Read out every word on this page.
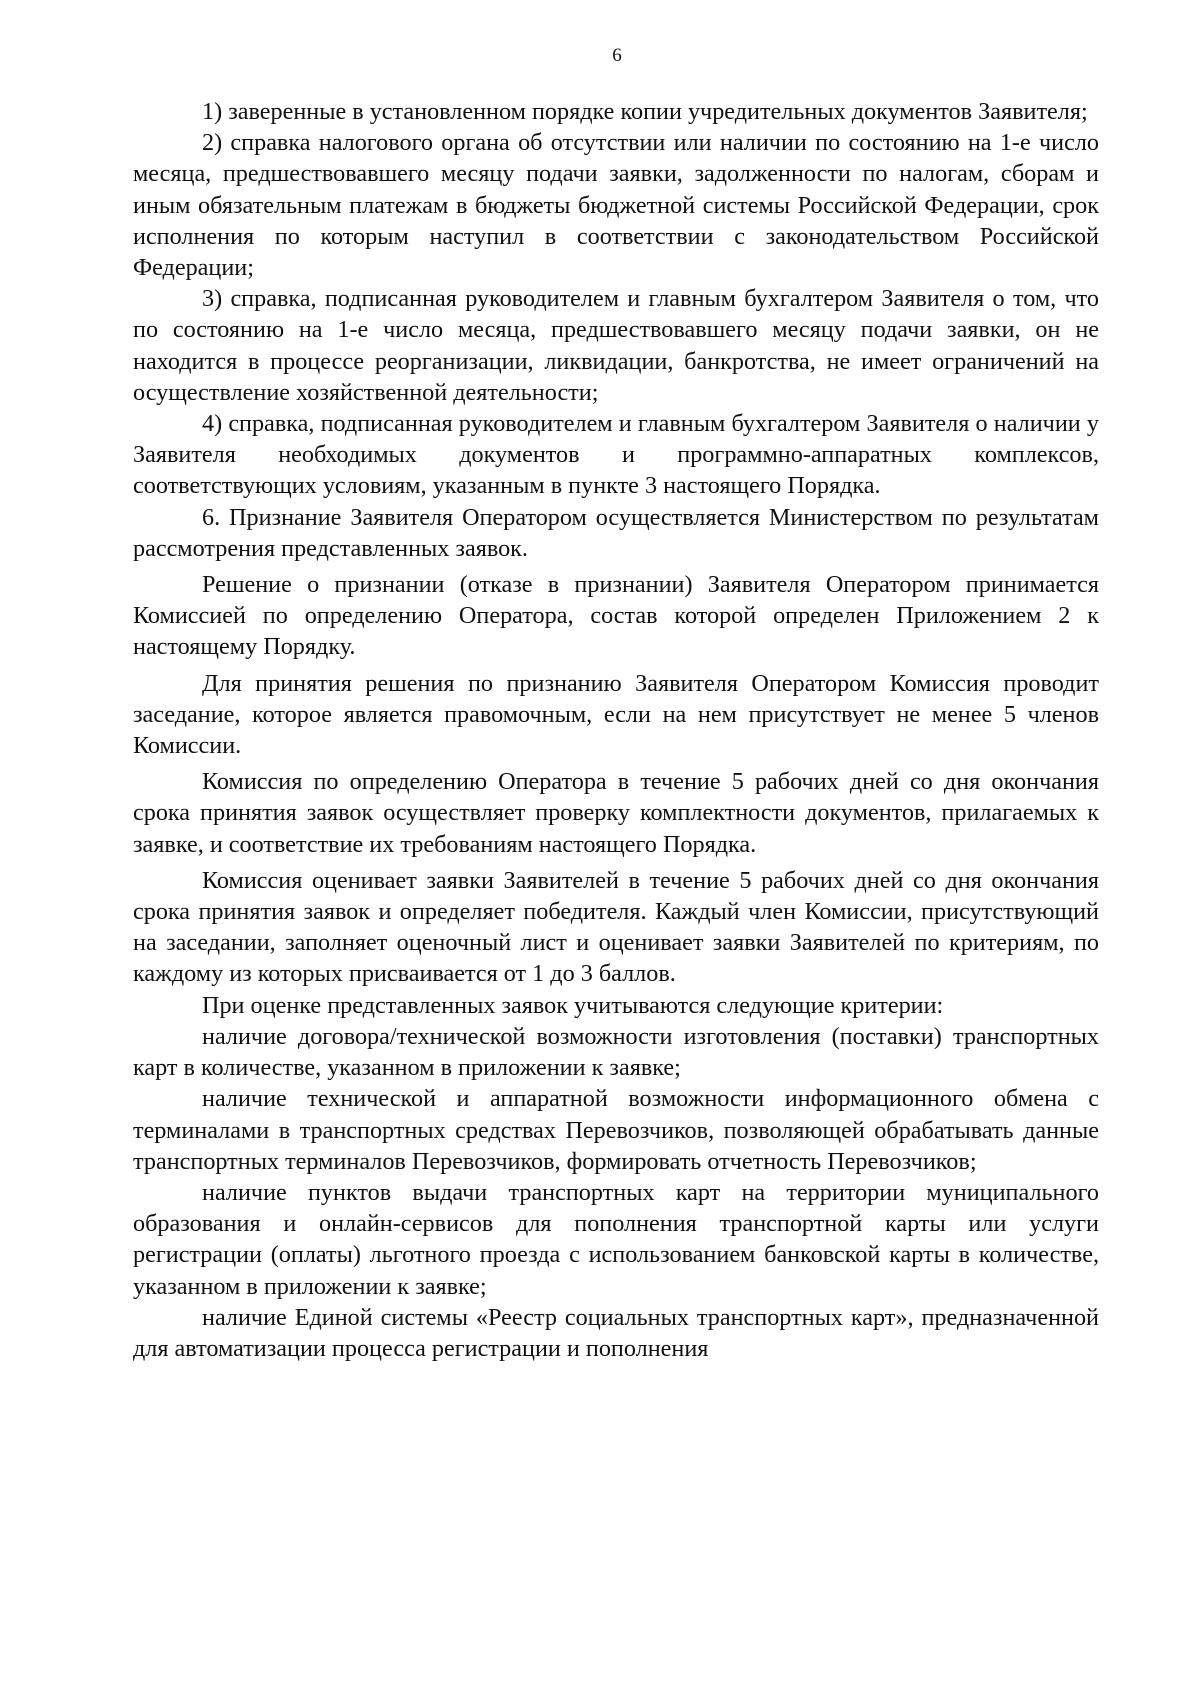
6

1) заверенные в установленном порядке копии учредительных документов Заявителя;

2) справка налогового органа об отсутствии или наличии по состоянию на 1-е число месяца, предшествовавшего месяцу подачи заявки, задолженности по налогам, сборам и иным обязательным платежам в бюджеты бюджетной системы Российской Федерации, срок исполнения по которым наступил в соответствии с законодательством Российской Федерации;

3) справка, подписанная руководителем и главным бухгалтером Заявителя о том, что по состоянию на 1-е число месяца, предшествовавшего месяцу подачи заявки, он не находится в процессе реорганизации, ликвидации, банкротства, не имеет ограничений на осуществление хозяйственной деятельности;

4) справка, подписанная руководителем и главным бухгалтером Заявителя о наличии у Заявителя необходимых документов и программно-аппаратных комплексов, соответствующих условиям, указанным в пункте 3 настоящего Порядка.

6. Признание Заявителя Оператором осуществляется Министерством по результатам рассмотрения представленных заявок.

Решение о признании (отказе в признании) Заявителя Оператором принимается Комиссией по определению Оператора, состав которой определен Приложением 2 к настоящему Порядку.

Для принятия решения по признанию Заявителя Оператором Комиссия проводит заседание, которое является правомочным, если на нем присутствует не менее 5 членов Комиссии.

Комиссия по определению Оператора в течение 5 рабочих дней со дня окончания срока принятия заявок осуществляет проверку комплектности документов, прилагаемых к заявке, и соответствие их требованиям настоящего Порядка.

Комиссия оценивает заявки Заявителей в течение 5 рабочих дней со дня окончания срока принятия заявок и определяет победителя. Каждый член Комиссии, присутствующий на заседании, заполняет оценочный лист и оценивает заявки Заявителей по критериям, по каждому из которых присваивается от 1 до 3 баллов.

При оценке представленных заявок учитываются следующие критерии:

наличие договора/технической возможности изготовления (поставки) транспортных карт в количестве, указанном в приложении к заявке;

наличие технической и аппаратной возможности информационного обмена с терминалами в транспортных средствах Перевозчиков, позволяющей обрабатывать данные транспортных терминалов Перевозчиков, формировать отчетность Перевозчиков;

наличие пунктов выдачи транспортных карт на территории муниципального образования и онлайн-сервисов для пополнения транспортной карты или услуги регистрации (оплаты) льготного проезда с использованием банковской карты в количестве, указанном в приложении к заявке;

наличие Единой системы «Реестр социальных транспортных карт», предназначенной для автоматизации процесса регистрации и пополнения
